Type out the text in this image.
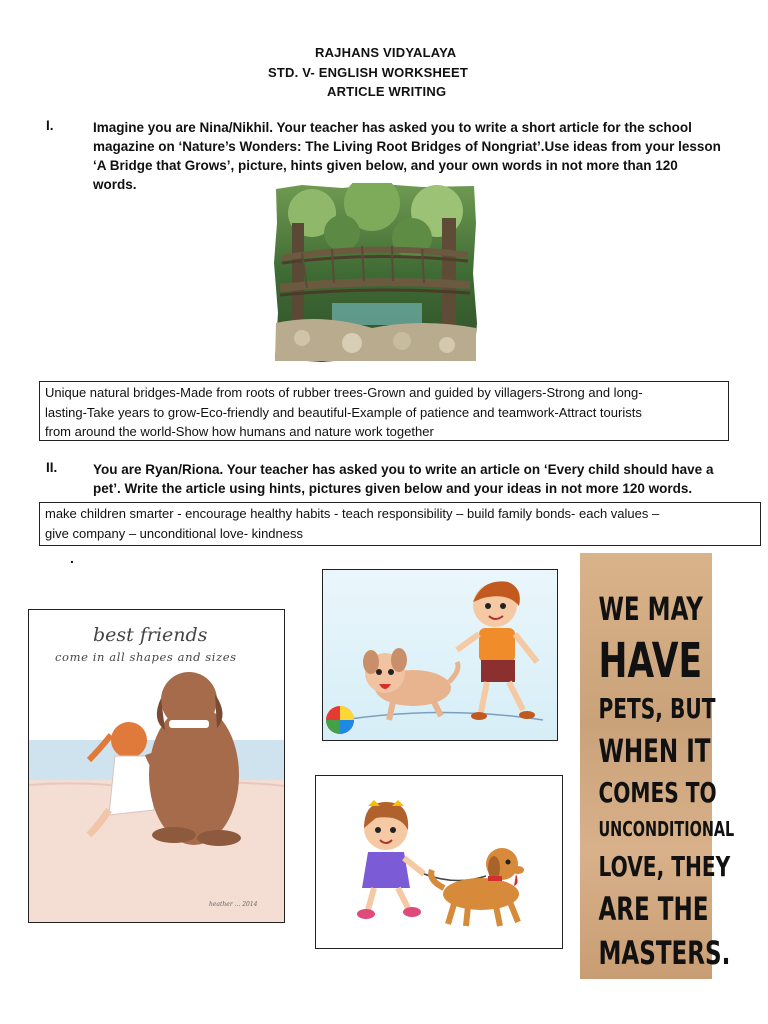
RAJHANS VIDYALAYA
STD. V- ENGLISH WORKSHEET
ARTICLE WRITING
I.	Imagine you are Nina/Nikhil. Your teacher has asked you to write a short article for the school
magazine on ‘Nature’s Wonders: The Living Root Bridges of Nongriat’.Use ideas from your lesson
‘A Bridge that Grows’, picture, hints given below, and your own words in not more than 120
words.
Unique natural bridges-Made from roots of rubber trees-Grown and guided by villagers-Strong and long-
lasting-Take years to grow-Eco-friendly and beautiful-Example of patience and teamwork-Attract tourists
from around the world-Show how humans and nature work together
II.	You are Ryan/Riona. Your teacher has asked you to write an article on ‘Every child should have a
pet’. Write the article using hints, pictures given below and your ideas in not more 120 words.
make children smarter - encourage healthy habits - teach responsibility – build family bonds- each values –
give company – unconditional love- kindness
.
best friends
come in all shapes and sizes
heather ... 2014
WE MAY
HAVE
PETS, BUT
WHEN IT
COMES TO
UNCONDITIONAL
LOVE, THEY
ARE THE
MASTERS.
